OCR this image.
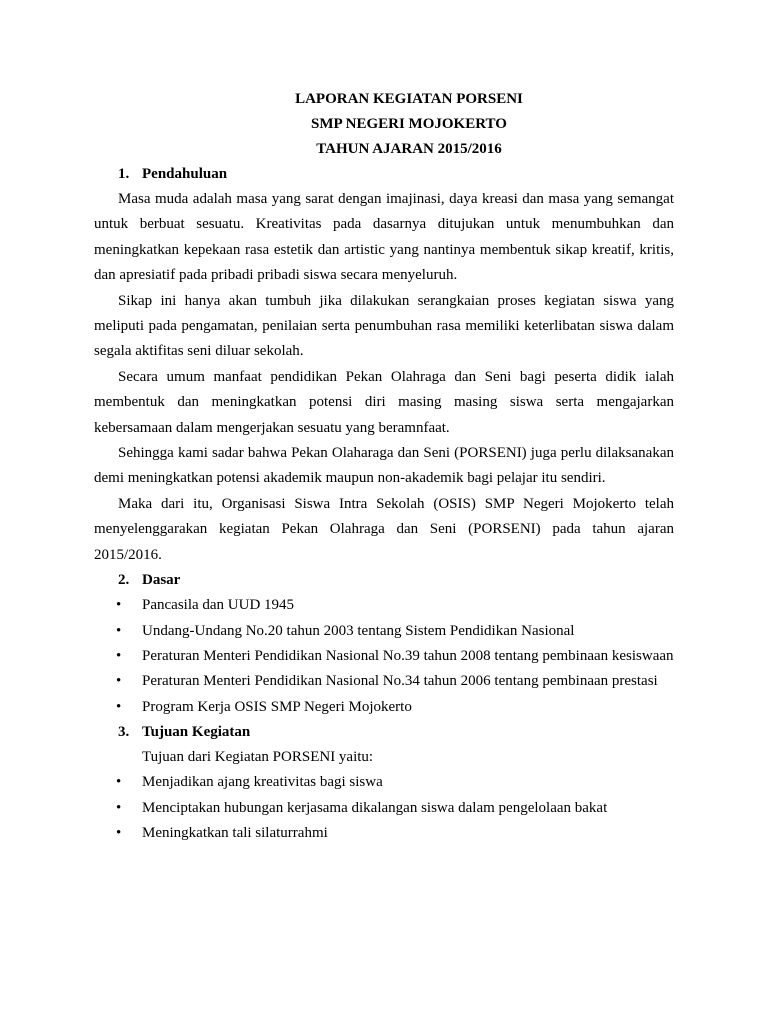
LAPORAN KEGIATAN PORSENI

SMP NEGERI MOJOKERTO

TAHUN AJARAN 2015/2016

1. Pendahuluan

Masa muda adalah masa yang sarat dengan imajinasi, daya kreasi dan masa yang semangat untuk berbuat sesuatu. Kreativitas pada dasarnya ditujukan untuk menumbuhkan dan meningkatkan kepekaan rasa estetik dan artistic yang nantinya membentuk sikap kreatif, kritis, dan apresiatif pada pribadi pribadi siswa secara menyeluruh.

Sikap ini hanya akan tumbuh jika dilakukan serangkaian proses kegiatan siswa yang meliputi pada pengamatan, penilaian serta penumbuhan rasa memiliki keterlibatan siswa dalam segala aktifitas seni diluar sekolah.

Secara umum manfaat pendidikan Pekan Olahraga dan Seni bagi peserta didik ialah membentuk dan meningkatkan potensi diri masing masing siswa serta mengajarkan kebersamaan dalam mengerjakan sesuatu yang beramnfaat.

Sehingga kami sadar bahwa Pekan Olaharaga dan Seni (PORSENI) juga perlu dilaksanakan demi meningkatkan potensi akademik maupun non-akademik bagi pelajar itu sendiri.

Maka dari itu, Organisasi Siswa Intra Sekolah (OSIS) SMP Negeri Mojokerto telah menyelenggarakan kegiatan Pekan Olahraga dan Seni (PORSENI) pada tahun ajaran 2015/2016.

2. Dasar

• Pancasila dan UUD 1945
• Undang-Undang No.20 tahun 2003 tentang Sistem Pendidikan Nasional
• Peraturan Menteri Pendidikan Nasional No.39 tahun 2008 tentang pembinaan kesiswaan
• Peraturan Menteri Pendidikan Nasional No.34 tahun 2006 tentang pembinaan prestasi
• Program Kerja OSIS SMP Negeri Mojokerto

3. Tujuan Kegiatan

Tujuan dari Kegiatan PORSENI yaitu:

• Menjadikan ajang kreativitas bagi siswa
• Menciptakan hubungan kerjasama dikalangan siswa dalam pengelolaan bakat
• Meningkatkan tali silaturrahmi
